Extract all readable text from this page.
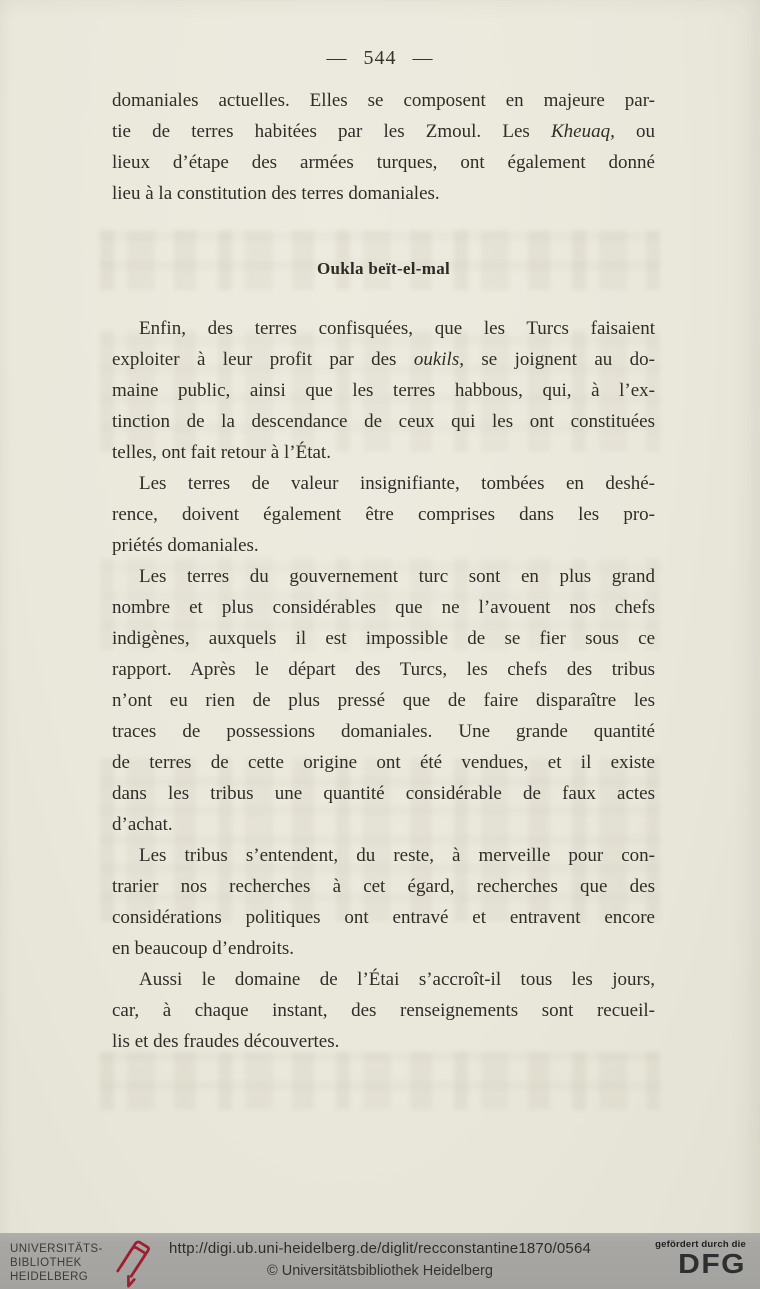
— 544 —
domaniales actuelles. Elles se composent en majeure par-
tie de terres habitées par les Zmoul. Les Kheuaq, ou
lieux d’étape des armées turques, ont également donné
lieu à la constitution des terres domaniales.
Oukla beït-el-mal
Enfin, des terres confisquées, que les Turcs faisaient
exploiter à leur profit par des oukils, se joignent au do-
maine public, ainsi que les terres habbous, qui, à l’ex-
tinction de la descendance de ceux qui les ont constituées
telles, ont fait retour à l’État.
Les terres de valeur insignifiante, tombées en deshé-
rence, doivent également être comprises dans les pro-
priétés domaniales.
Les terres du gouvernement turc sont en plus grand
nombre et plus considérables que ne l’avouent nos chefs
indigènes, auxquels il est impossible de se fier sous ce
rapport. Après le départ des Turcs, les chefs des tribus
n’ont eu rien de plus pressé que de faire disparaître les
traces de possessions domaniales. Une grande quantité
de terres de cette origine ont été vendues, et il existe
dans les tribus une quantité considérable de faux actes
d’achat.
Les tribus s’entendent, du reste, à merveille pour con-
trarier nos recherches à cet égard, recherches que des
considérations politiques ont entravé et entravent encore
en beaucoup d’endroits.
Aussi le domaine de l’Étai s’accroît-il tous les jours,
car, à chaque instant, des renseignements sont recueil-
lis et des fraudes découvertes.
UNIVERSITÄTS-
BIBLIOTHEK
HEIDELBERG
http://digi.ub.uni-heidelberg.de/diglit/recconstantine1870/0564
© Universitätsbibliothek Heidelberg
gefördert durch die
DFG
